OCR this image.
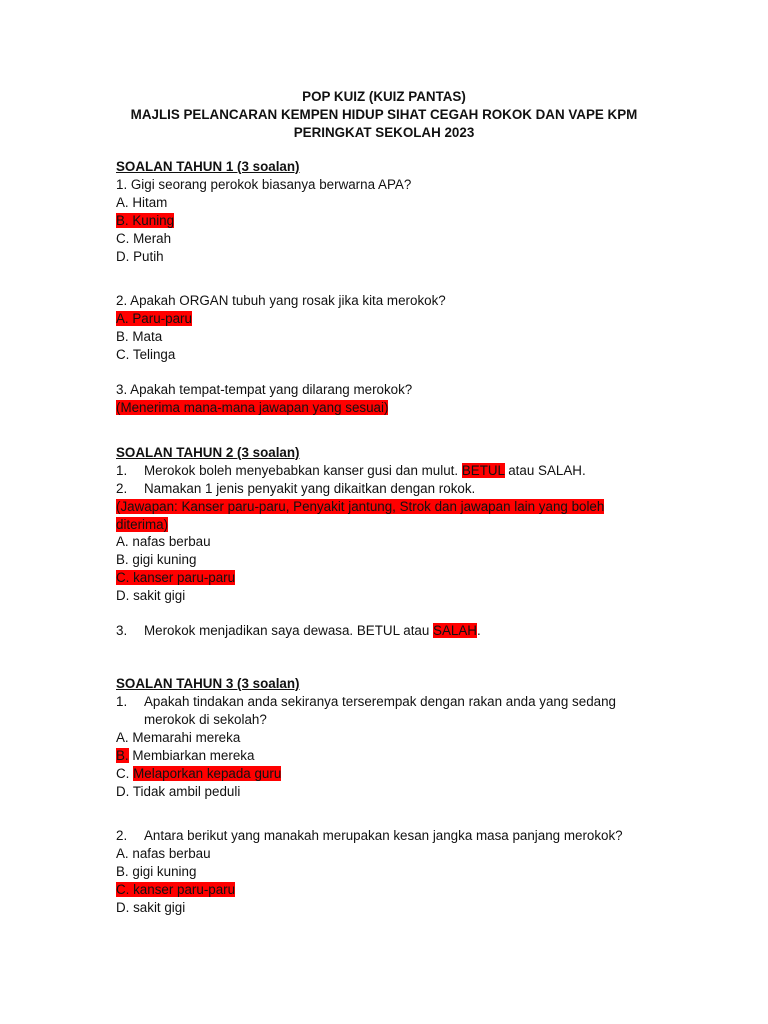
POP KUIZ (KUIZ PANTAS)
MAJLIS PELANCARAN KEMPEN HIDUP SIHAT CEGAH ROKOK DAN VAPE KPM
PERINGKAT SEKOLAH 2023
SOALAN TAHUN 1 (3 soalan)
1. Gigi seorang perokok biasanya berwarna APA?
A. Hitam
B. Kuning
C. Merah
D. Putih
2. Apakah ORGAN tubuh yang rosak jika kita merokok?
A. Paru-paru
B. Mata
C. Telinga
3. Apakah tempat-tempat yang dilarang merokok?
(Menerima mana-mana jawapan yang sesuai)
SOALAN TAHUN 2 (3 soalan)
1. Merokok boleh menyebabkan kanser gusi dan mulut. BETUL atau SALAH.
2. Namakan 1 jenis penyakit yang dikaitkan dengan rokok.
(Jawapan: Kanser paru-paru, Penyakit jantung, Strok dan jawapan lain yang boleh
diterima)
A. nafas berbau
B. gigi kuning
C. kanser paru-paru
D. sakit gigi
3. Merokok menjadikan saya dewasa. BETUL atau SALAH.
SOALAN TAHUN 3 (3 soalan)
1. Apakah tindakan anda sekiranya terserempak dengan rakan anda yang sedang
merokok di sekolah?
A. Memarahi mereka
B. Membiarkan mereka
C. Melaporkan kepada guru
D. Tidak ambil peduli
2. Antara berikut yang manakah merupakan kesan jangka masa panjang merokok?
A. nafas berbau
B. gigi kuning
C. kanser paru-paru
D. sakit gigi
